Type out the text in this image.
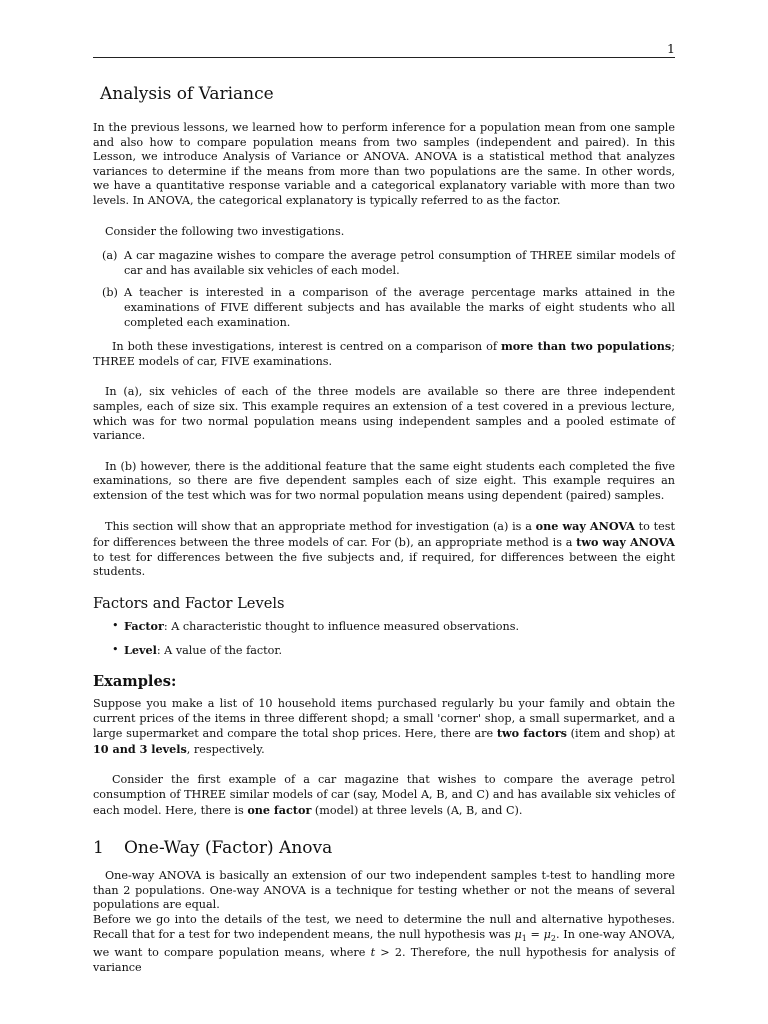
1
Analysis of Variance

In the previous lessons, we learned how to perform inference for a population mean from one sample and also how to compare population means from two samples (independent and paired). In this Lesson, we introduce Analysis of Variance or ANOVA. ANOVA is a statistical method that analyzes variances to determine if the means from more than two populations are the same. In other words, we have a quantitative response variable and a categorical explanatory variable with more than two levels. In ANOVA, the categorical explanatory is typically referred to as the factor.

Consider the following two investigations.

(a) A car magazine wishes to compare the average petrol consumption of THREE similar models of car and has available six vehicles of each model.
(b) A teacher is interested in a comparison of the average percentage marks attained in the examinations of FIVE different subjects and has available the marks of eight students who all completed each examination.

In both these investigations, interest is centred on a comparison of more than two populations; THREE models of car, FIVE examinations.

In (a), six vehicles of each of the three models are available so there are three independent samples, each of size six. This example requires an extension of a test covered in a previous lecture, which was for two normal population means using independent samples and a pooled estimate of variance.

In (b) however, there is the additional feature that the same eight students each completed the five examinations, so there are five dependent samples each of size eight. This example requires an extension of the test which was for two normal population means using dependent (paired) samples.

This section will show that an appropriate method for investigation (a) is a one way ANOVA to test for differences between the three models of car. For (b), an appropriate method is a two way ANOVA to test for differences between the five subjects and, if required, for differences between the eight students.

Factors and Factor Levels
• Factor: A characteristic thought to influence measured observations.
• Level: A value of the factor.
Examples:

Suppose you make a list of 10 household items purchased regularly bu your family and obtain the current prices of the items in three different shopd; a small 'corner' shop, a small supermarket, and a large supermarket and compare the total shop prices. Here, there are two factors (item and shop) at 10 and 3 levels, respectively.

Consider the first example of a car magazine that wishes to compare the average petrol consumption of THREE similar models of car (say, Model A, B, and C) and has available six vehicles of each model. Here, there is one factor (model) at three levels (A, B, and C).

1 One-Way (Factor) Anova

One-way ANOVA is basically an extension of our two independent samples t-test to handling more than 2 populations. One-way ANOVA is a technique for testing whether or not the means of several populations are equal.

Before we go into the details of the test, we need to determine the null and alternative hypotheses. Recall that for a test for two independent means, the null hypothesis was $\mu_1 = \mu_2$. In one-way ANOVA, we want to compare population means, where t > 2. Therefore, the null hypothesis for analysis of variance
